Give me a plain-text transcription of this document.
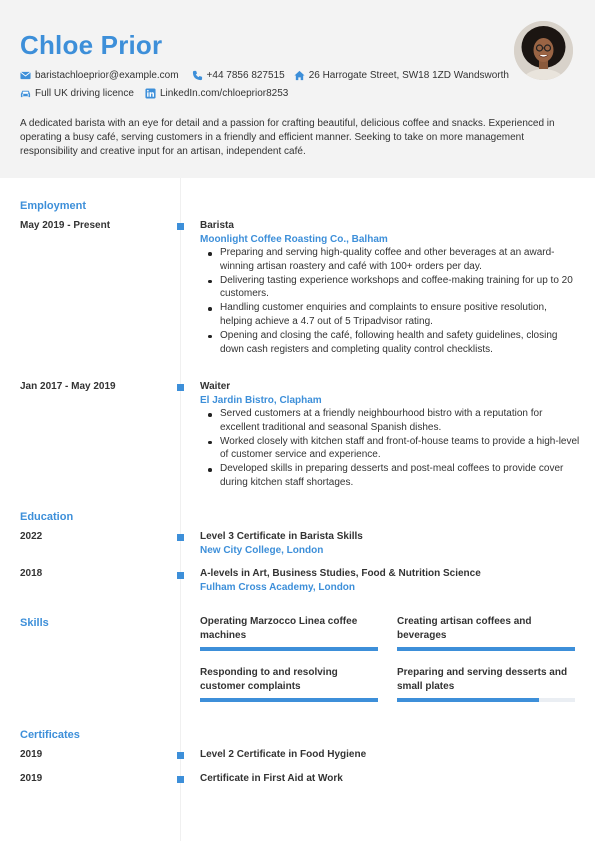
Chloe Prior
baristachloeprior@example.com	+44 7856 827515 26 Harrogate Street, SW18 1ZD Wandsworth
Full UK driving licence	LinkedIn.com/chloeprior8253
A dedicated barista with an eye for detail and a passion for crafting beautiful, delicious coffee and snacks. Experienced in operating a busy café, serving customers in a friendly and efficient manner. Seeking to take on more management responsibility and creative input for an artisan, independent café.
Employment
May 2019 - Present	Barista
Moonlight Coffee Roasting Co., Balham
Preparing and serving high-quality coffee and other beverages at an award-winning artisan roastery and café with 100+ orders per day.
Delivering tasting experience workshops and coffee-making training for up to 20 customers.
Handling customer enquiries and complaints to ensure positive resolution, helping achieve a 4.7 out of 5 Tripadvisor rating.
Opening and closing the café, following health and safety guidelines, closing down cash registers and completing quality control checklists.
Jan 2017 - May 2019	Waiter
El Jardin Bistro, Clapham
Served customers at a friendly neighbourhood bistro with a reputation for excellent traditional and seasonal Spanish dishes.
Worked closely with kitchen staff and front-of-house teams to provide a high-level of customer service and experience.
Developed skills in preparing desserts and post-meal coffees to provide cover during kitchen staff shortages.
Education
2022	Level 3 Certificate in Barista Skills
New City College, London
2018	A-levels in Art, Business Studies, Food & Nutrition Science
Fulham Cross Academy, London
Skills	Operating Marzocco Linea coffee machines
Creating artisan coffees and beverages
Responding to and resolving customer complaints
Preparing and serving desserts and small plates
Certificates
2019	Level 2 Certificate in Food Hygiene
2019	Certificate in First Aid at Work
